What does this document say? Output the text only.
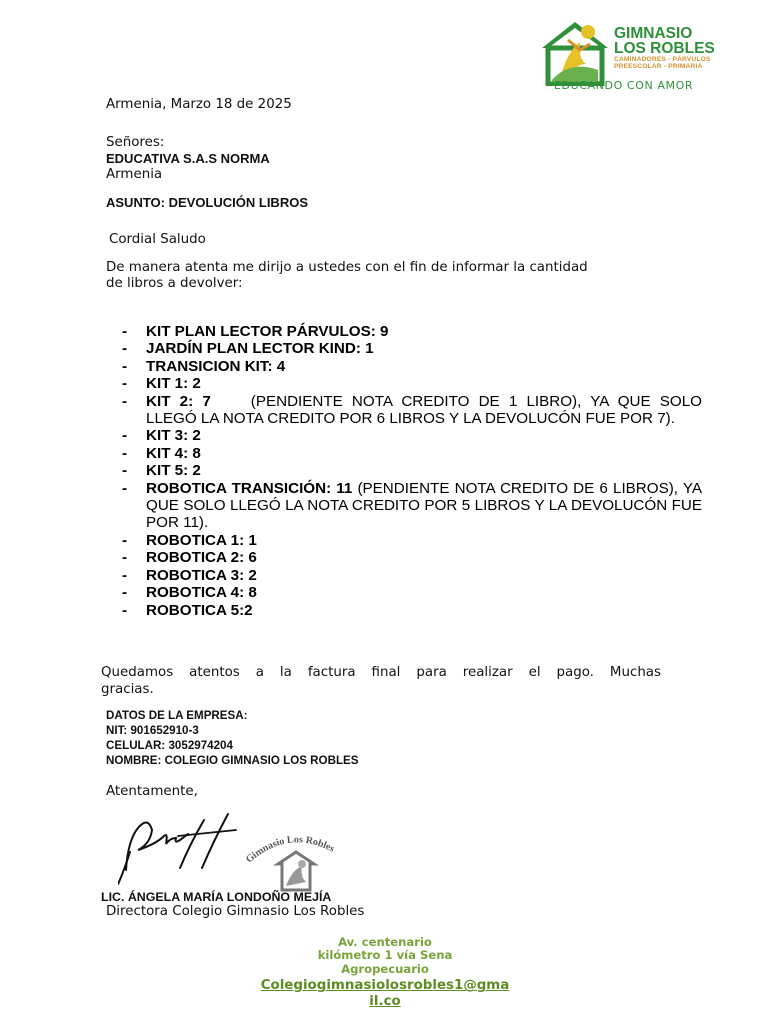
GIMNASIO
LOS ROBLES
CAMINADORES - PÁRVULOS
PREESCOLAR - PRIMARIA
EDUCANDO CON AMOR
Armenia, Marzo 18 de 2025
Señores:
EDUCATIVA S.A.S NORMA
Armenia
ASUNTO: DEVOLUCIÓN LIBROS
Cordial Saludo
De manera atenta me dirijo a ustedes con el fin de informar la cantidad
de libros a devolver:
- KIT PLAN LECTOR PÁRVULOS: 9
- JARDÍN PLAN LECTOR KIND: 1
- TRANSICION KIT: 4
- KIT 1: 2
- KIT 2: 7	(PENDIENTE NOTA CREDITO DE 1 LIBRO), YA QUE SOLO LLEGÓ LA NOTA CREDITO POR 6 LIBROS Y LA DEVOLUCÓN FUE POR 7).
- KIT 3: 2
- KIT 4: 8
- KIT 5: 2
- ROBOTICA TRANSICIÓN: 11 (PENDIENTE NOTA CREDITO DE 6 LIBROS), YA QUE SOLO LLEGÓ LA NOTA CREDITO POR 5 LIBROS Y LA DEVOLUCÓN FUE POR 11).
- ROBOTICA 1: 1
- ROBOTICA 2: 6
- ROBOTICA 3: 2
- ROBOTICA 4: 8
- ROBOTICA 5:2
Quedamos atentos a la factura final para realizar el pago. Muchas
gracias.
DATOS DE LA EMPRESA:
NIT: 901652910-3
CELULAR: 3052974204
NOMBRE: COLEGIO GIMNASIO LOS ROBLES
Atentamente,
Gimnasio Los Robles
LIC. ÁNGELA MARÍA LONDOÑO MEJÍA
Directora Colegio Gimnasio Los Robles
Av. centenario
kilómetro 1 vía Sena
Agropecuario
Colegiogimnasiolosrobles1@gma
il.co
